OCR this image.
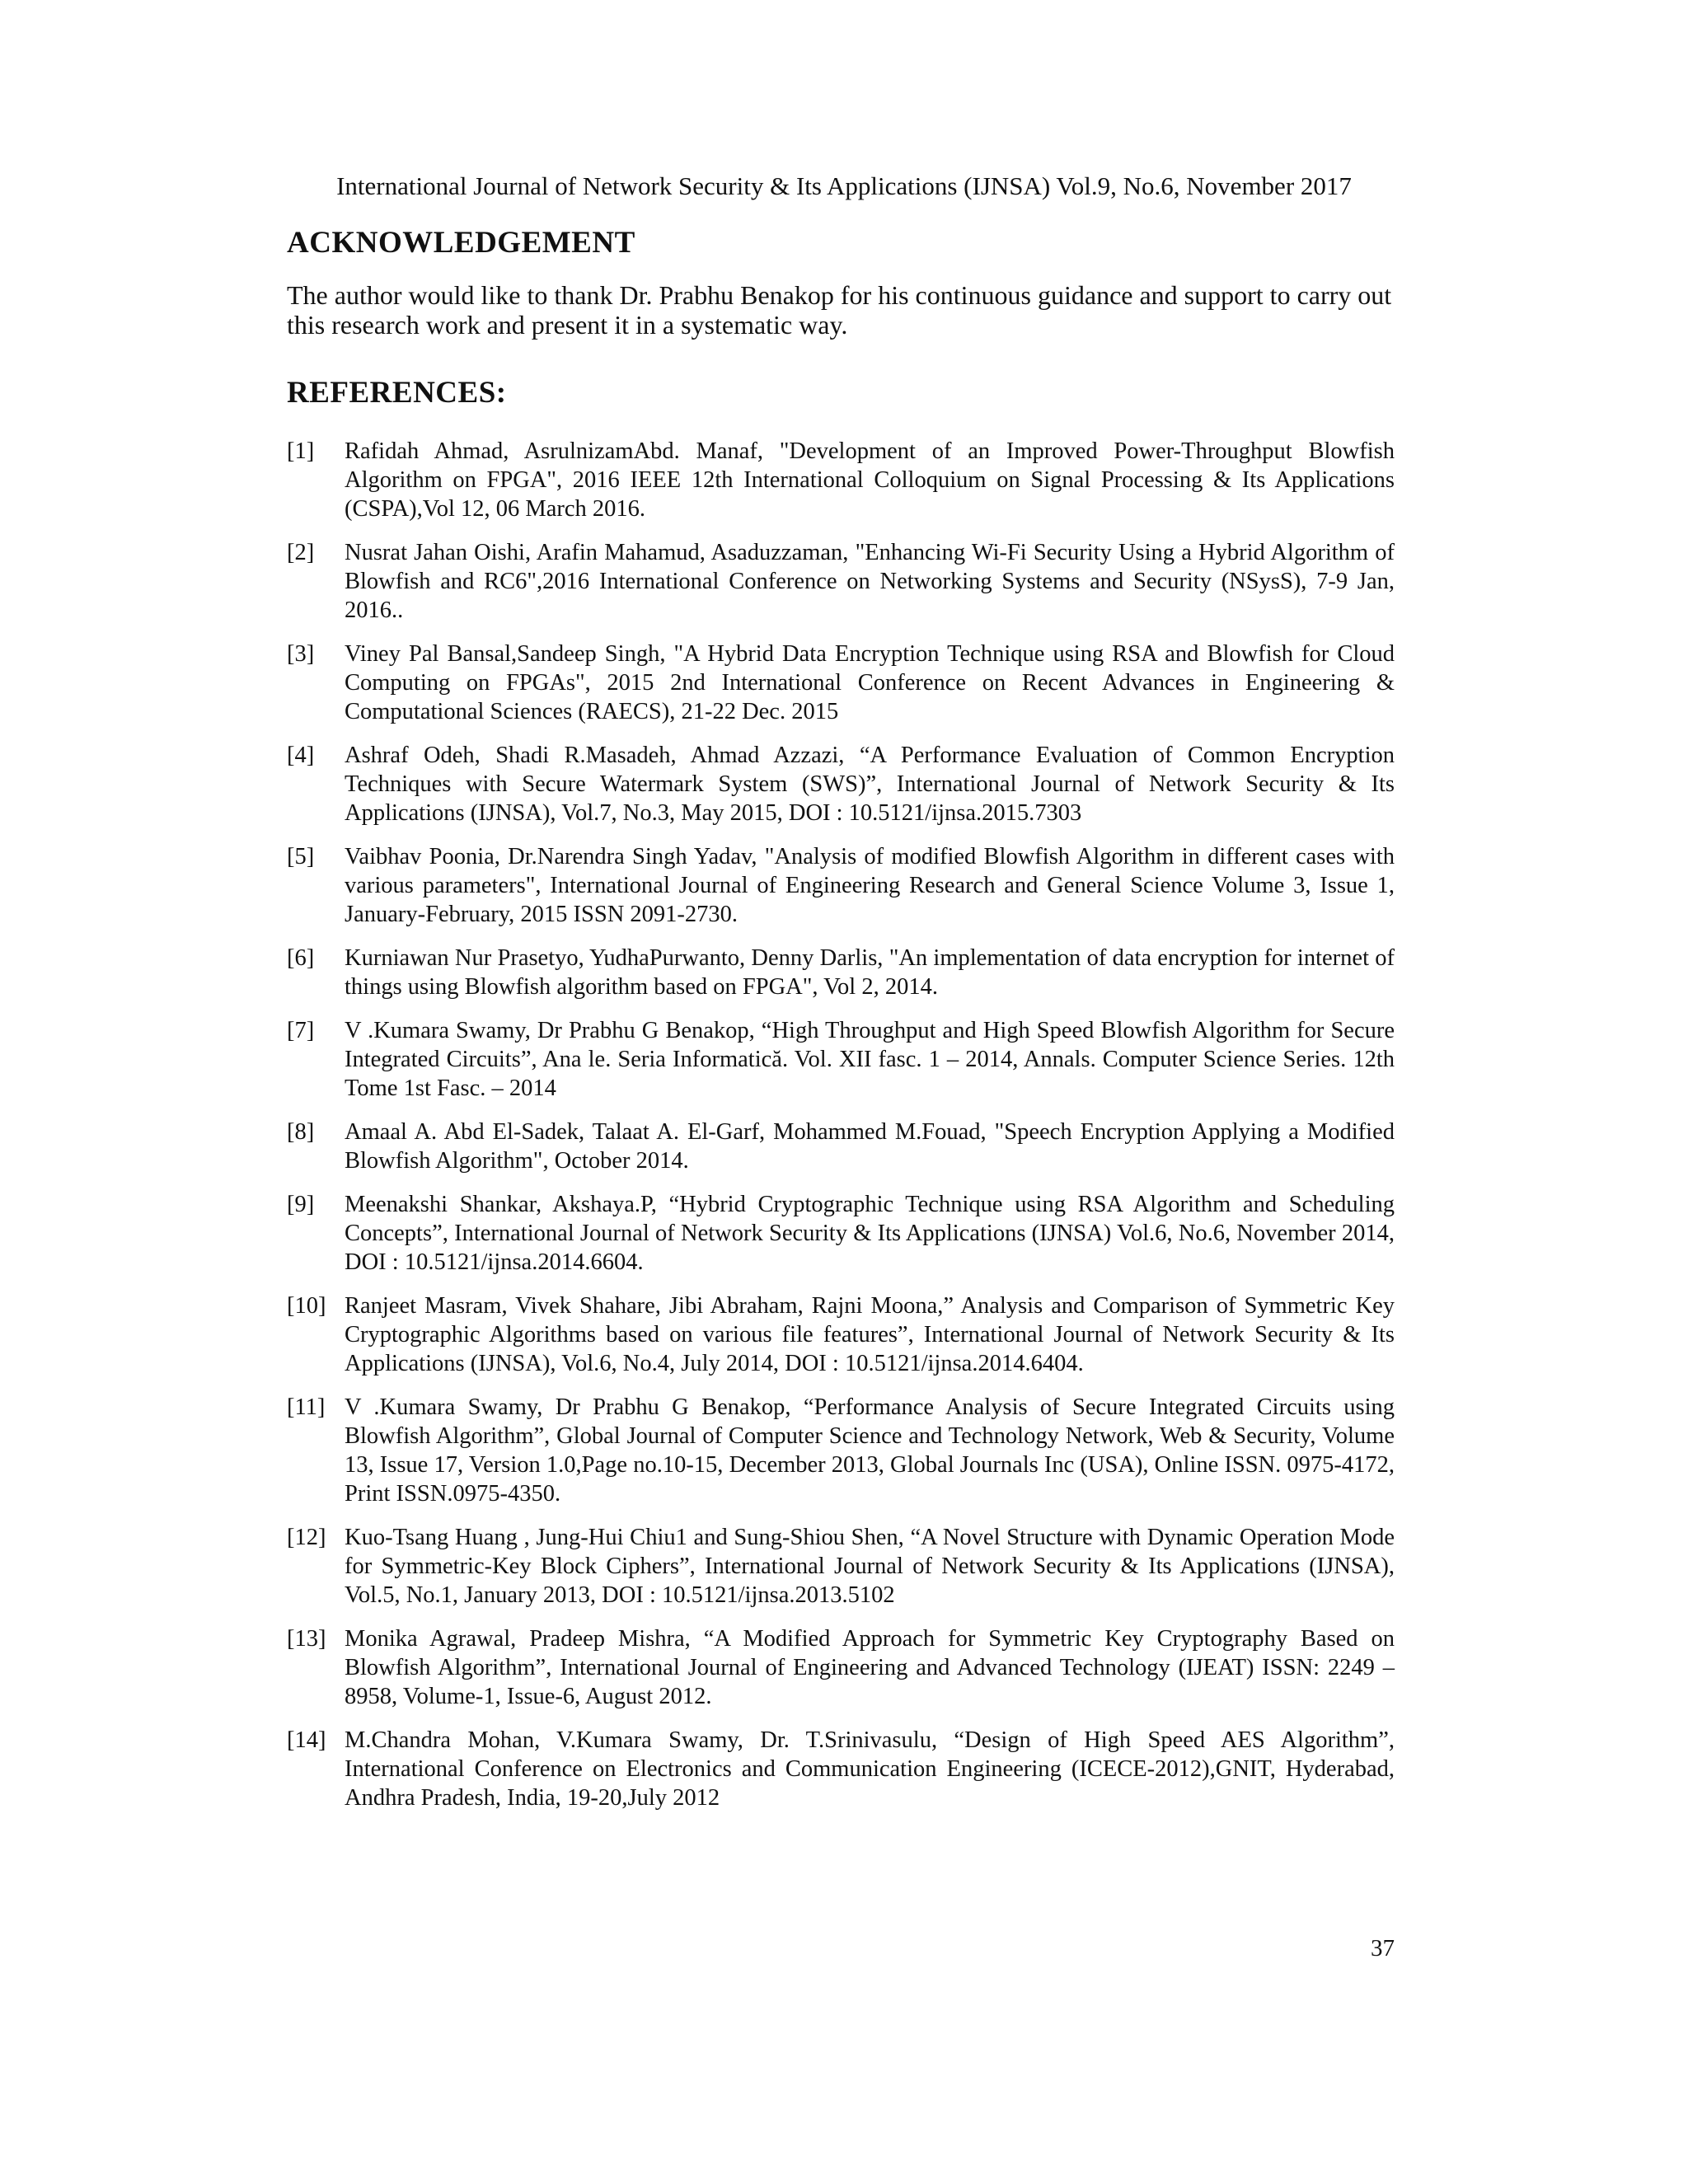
International Journal of Network Security & Its Applications (IJNSA) Vol.9, No.6, November 2017
ACKNOWLEDGEMENT

The author would like to thank Dr. Prabhu Benakop for his continuous guidance and support to carry out this research work and present it in a systematic way.

REFERENCES:
[1]	Rafidah Ahmad, AsrulnizamAbd. Manaf, "Development of an Improved Power-Throughput Blowfish Algorithm on FPGA", 2016 IEEE 12th International Colloquium on Signal Processing & Its Applications (CSPA),Vol 12, 06 March 2016.
[2]	Nusrat Jahan Oishi, Arafin Mahamud, Asaduzzaman, "Enhancing Wi-Fi Security Using a Hybrid Algorithm of Blowfish and RC6",2016 International Conference on Networking Systems and Security (NSysS), 7-9 Jan, 2016..
[3]	Viney Pal Bansal,Sandeep Singh, "A Hybrid Data Encryption Technique using RSA and Blowfish for Cloud Computing on FPGAs", 2015 2nd International Conference on Recent Advances in Engineering & Computational Sciences (RAECS), 21-22 Dec. 2015
[4]	Ashraf Odeh, Shadi R.Masadeh, Ahmad Azzazi, “A Performance Evaluation of Common Encryption Techniques with Secure Watermark System (SWS)”, International Journal of Network Security & Its Applications (IJNSA), Vol.7, No.3, May 2015, DOI : 10.5121/ijnsa.2015.7303
[5]	Vaibhav Poonia, Dr.Narendra Singh Yadav, "Analysis of modified Blowfish Algorithm in different cases with various parameters", International Journal of Engineering Research and General Science Volume 3, Issue 1, January-February, 2015 ISSN 2091-2730.
[6]	Kurniawan Nur Prasetyo, YudhaPurwanto, Denny Darlis, "An implementation of data encryption for internet of things using Blowfish algorithm based on FPGA", Vol 2, 2014.
[7]	V .Kumara Swamy, Dr Prabhu G Benakop, “High Throughput and High Speed Blowfish Algorithm for Secure Integrated Circuits”, Ana le. Seria Informatică. Vol. XII fasc. 1 – 2014, Annals. Computer Science Series. 12th Tome 1st Fasc. – 2014
[8]	Amaal A. Abd El-Sadek, Talaat A. El-Garf, Mohammed M.Fouad, "Speech Encryption Applying a Modified Blowfish Algorithm", October 2014.
[9]	Meenakshi Shankar, Akshaya.P, “Hybrid Cryptographic Technique using RSA Algorithm and Scheduling Concepts”, International Journal of Network Security & Its Applications (IJNSA) Vol.6, No.6, November 2014, DOI : 10.5121/ijnsa.2014.6604.
[10] Ranjeet Masram, Vivek Shahare, Jibi Abraham, Rajni Moona,” Analysis and Comparison of Symmetric Key Cryptographic Algorithms based on various file features”, International Journal of Network Security & Its Applications (IJNSA), Vol.6, No.4, July 2014, DOI : 10.5121/ijnsa.2014.6404.
[11] V .Kumara Swamy, Dr Prabhu G Benakop, “Performance Analysis of Secure Integrated Circuits using Blowfish Algorithm”, Global Journal of Computer Science and Technology Network, Web & Security, Volume 13, Issue 17, Version 1.0,Page no.10-15, December 2013, Global Journals Inc (USA), Online ISSN. 0975-4172, Print ISSN.0975-4350.
[12] Kuo-Tsang Huang , Jung-Hui Chiu1 and Sung-Shiou Shen, “A Novel Structure with Dynamic Operation Mode for Symmetric-Key Block Ciphers”, International Journal of Network Security & Its Applications (IJNSA), Vol.5, No.1, January 2013, DOI : 10.5121/ijnsa.2013.5102
[13] Monika Agrawal, Pradeep Mishra, “A Modified Approach for Symmetric Key Cryptography Based on Blowfish Algorithm”, International Journal of Engineering and Advanced Technology (IJEAT) ISSN: 2249 – 8958, Volume-1, Issue-6, August 2012.
[14] M.Chandra Mohan, V.Kumara Swamy, Dr. T.Srinivasulu, “Design of High Speed AES Algorithm”, International Conference on Electronics and Communication Engineering (ICECE-2012),GNIT, Hyderabad, Andhra Pradesh, India, 19-20,July 2012
37
